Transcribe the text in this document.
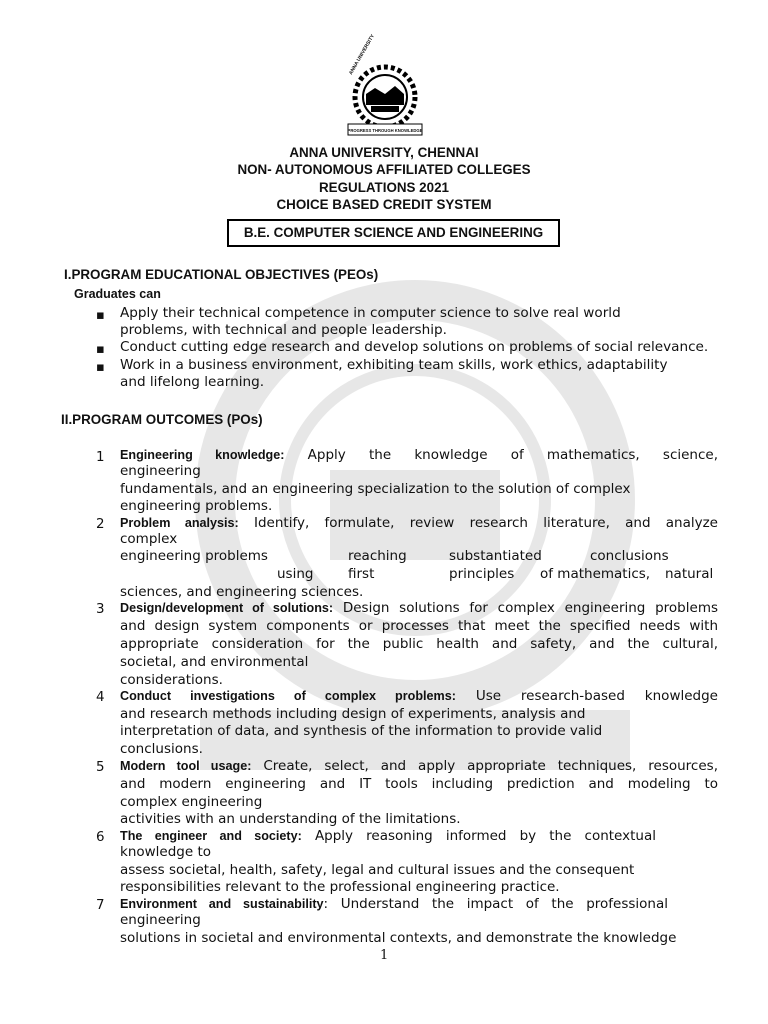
ANNA UNIVERSITY
PROGRESS THROUGH KNOWLEDGE
ANNA UNIVERSITY, CHENNAI
NON- AUTONOMOUS AFFILIATED COLLEGES
REGULATIONS 2021
CHOICE BASED CREDIT SYSTEM
B.E. COMPUTER SCIENCE AND ENGINEERING
I.PROGRAM EDUCATIONAL OBJECTIVES (PEOs)
Graduates can
▪ Apply their technical competence in computer science to solve real world
problems, with technical and people leadership.
▪ Conduct cutting edge research and develop solutions on problems of social relevance.
▪ Work in a business environment, exhibiting team skills, work ethics, adaptability
and lifelong learning.
II.PROGRAM OUTCOMES (POs)
1 Engineering knowledge: Apply the knowledge of mathematics, science,
engineering
fundamentals, and an engineering specialization to the solution of complex
engineering problems.
2 Problem analysis: Identify, formulate, review research literature, and analyze
complex
engineering problems	reaching	substantiated	conclusions
using	first	principles of mathematics, natural
sciences, and engineering sciences.
3 Design/development of solutions: Design solutions for complex engineering problems
and design system components or processes that meet the specified needs with
appropriate consideration for the public health and safety, and the cultural,
societal, and environmental
considerations.
4 Conduct investigations of complex problems: Use research-based knowledge
and research methods including design of experiments, analysis and
interpretation of data, and synthesis of the information to provide valid
conclusions.
5 Modern tool usage: Create, select, and apply appropriate techniques, resources,
and modern engineering and IT tools including prediction and modeling to
complex engineering
activities with an understanding of the limitations.
6 The engineer and society: Apply reasoning informed by the contextual
knowledge to
assess societal, health, safety, legal and cultural issues and the consequent
responsibilities relevant to the professional engineering practice.
7 Environment and sustainability: Understand the impact of the professional
engineering
solutions in societal and environmental contexts, and demonstrate the knowledge
1
